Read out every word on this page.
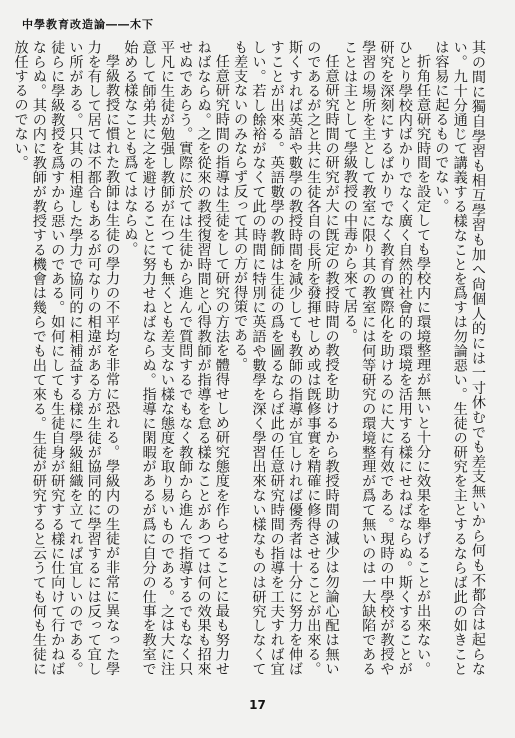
中學教育改造論――木下

其の間に獨自學習も相互學習も加へ尙個人的には一寸休むでも差支無いから何も不都合は起らない。九十分通じて講義する樣なことを爲すは勿論惡い。生徒の研究を主とするならば此の如きことは容易に起るものでない。

折角任意研究時間を設定しても學校内に環境整理が無いと十分に效果を舉げることが出來ない。ひとり學校内ばかりでなく廣く自然的社會的の環境を活用する樣にせねばならぬ。斯くすることが研究を深刻にするばかりでなく教育の實際化を助けるのに大に有效である。現時の中學校が教授や學習の場所を主として教室に限り其の教室には何等研究の環境整理が爲て無いのは一大缺陷であることは主として學級教授の中毒から來て居る。

任意研究時間の研究が大に旣定の教授時間の教授を助けるから教授時間の減少は勿論心配は無いのであるが之と共に生徒各自の長所を發揮せしめ或は旣修事實を精確に修得させることが出來る。斯くすれば英語や數學の教授時間を減少しても教師の指導が宜しければ優秀者は十分に努力を伸ばすことが出來る。英語數學の教師は生徒の爲を圖るならば此の任意研究時間の指導を工夫すれば宜しい。若し餘裕がなくて此の時間に特別に英語や數學を深く學習出來ない樣なものは研究しなくても差支ないのみならず反って其の方が得策である。

任意研究時間の指導は生徒をして研究の方法を體得せしめ研究態度を作らせることに最も努力せねばならぬ。之を從來の教授復習時間と心得教師が指導を怠る樣なことがあつては何の效果も招來せぬであらう。實際に於ては生徒から進んで質問するでもなく教師から進んで指導するでもなく只平凡に生徒が勉强し教師が在つても無くとも差支ない樣な態度を取り易いものである。之は大に注意して師弟共に之を避けることに努力せねばならぬ。指導に閑暇があるが爲に自分の仕事を教室で始める樣なことも爲てはならぬ。

學級教授に慣れた教師は生徒の學力の不平均を非常に恐れる。學級内の生徒が非常に異なった學力を有して居ては不都合もあるが可なりの相違がある方が生徒が協同的に學習するには反って宜しい所がある。只其の相違した學力で協同的に相補益する樣に學級組織を立てれば宜しいのである。徒らに學級教授を爲すから惡いのである。如何にしても生徒自身が研究する樣に仕向けて行かねばならぬ。其の内に教師が教授する機會は幾らでも出て來る。生徒が研究すると云うても何も生徒に放任するのでない。

17
